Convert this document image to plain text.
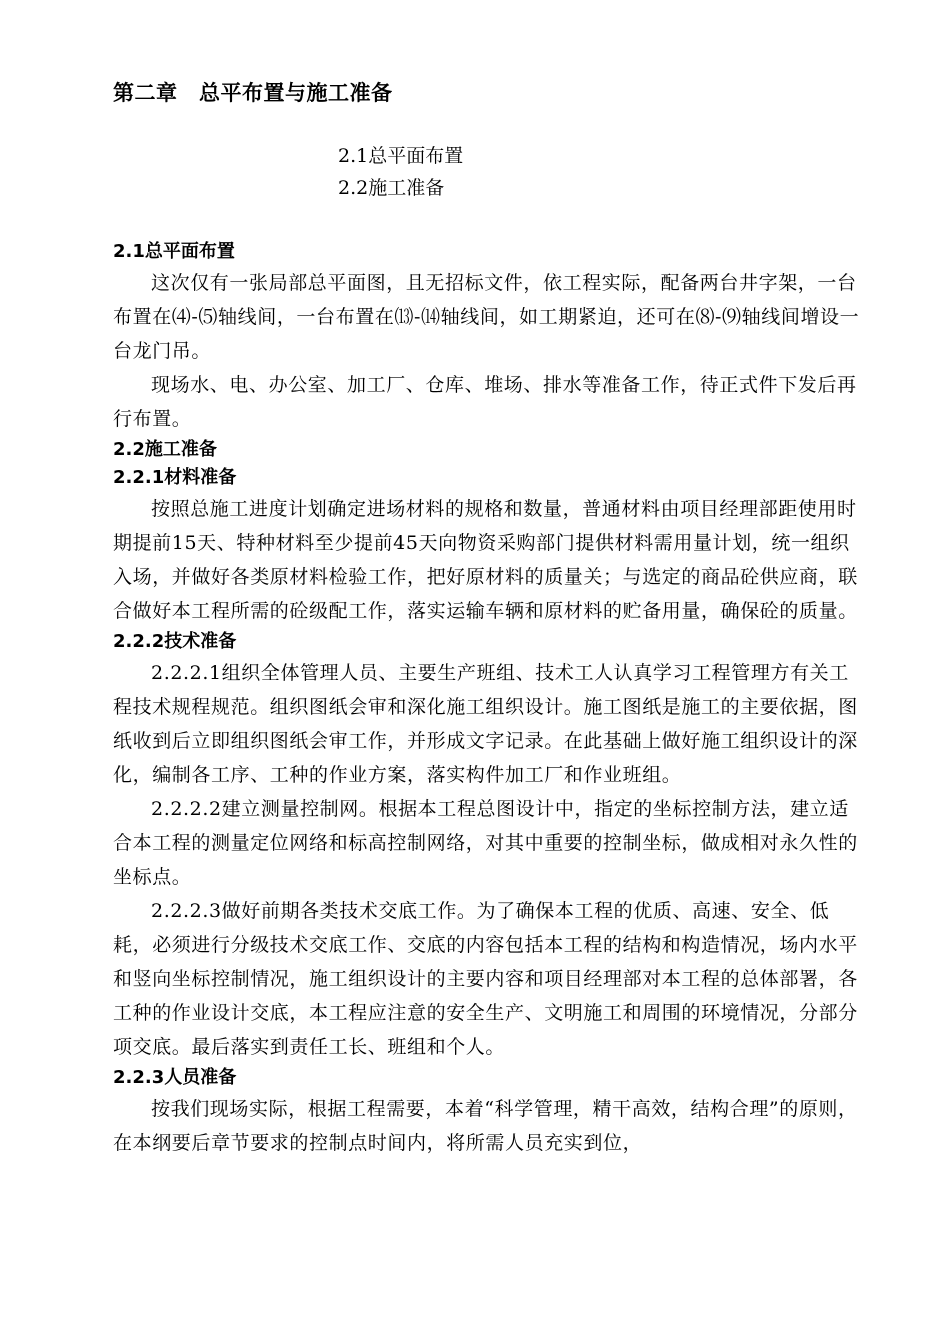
第二章　总平布置与施工准备
2.1总平面布置
2.2施工准备
2.1总平面布置

这次仅有一张局部总平面图，且无招标文件，依工程实际，配备两台井字架，一台布置在⑷-⑸轴线间，一台布置在⒀-⒁轴线间，如工期紧迫，还可在⑻-⑼轴线间增设一台龙门吊。

现场水、电、办公室、加工厂、仓库、堆场、排水等准备工作，待正式件下发后再行布置。

2.2施工准备
2.2.1材料准备

按照总施工进度计划确定进场材料的规格和数量，普通材料由项目经理部距使用时期提前15天、特种材料至少提前45天向物资采购部门提供材料需用量计划，统一组织入场，并做好各类原材料检验工作，把好原材料的质量关；与选定的商品砼供应商，联合做好本工程所需的砼级配工作，落实运输车辆和原材料的贮备用量，确保砼的质量。

2.2.2技术准备

2.2.2.1组织全体管理人员、主要生产班组、技术工人认真学习工程管理方有关工程技术规程规范。组织图纸会审和深化施工组织设计。施工图纸是施工的主要依据，图纸收到后立即组织图纸会审工作，并形成文字记录。在此基础上做好施工组织设计的深化，编制各工序、工种的作业方案，落实构件加工厂和作业班组。

2.2.2.2建立测量控制网。根据本工程总图设计中，指定的坐标控制方法，建立适合本工程的测量定位网络和标高控制网络，对其中重要的控制坐标，做成相对永久性的坐标点。

2.2.2.3做好前期各类技术交底工作。为了确保本工程的优质、高速、安全、低耗，必须进行分级技术交底工作、交底的内容包括本工程的结构和构造情况，场内水平和竖向坐标控制情况，施工组织设计的主要内容和项目经理部对本工程的总体部署，各工种的作业设计交底，本工程应注意的安全生产、文明施工和周围的环境情况，分部分项交底。最后落实到责任工长、班组和个人。

2.2.3人员准备

按我们现场实际，根据工程需要，本着“科学管理，精干高效，结构合理”的原则，在本纲要后章节要求的控制点时间内，将所需人员充实到位，
